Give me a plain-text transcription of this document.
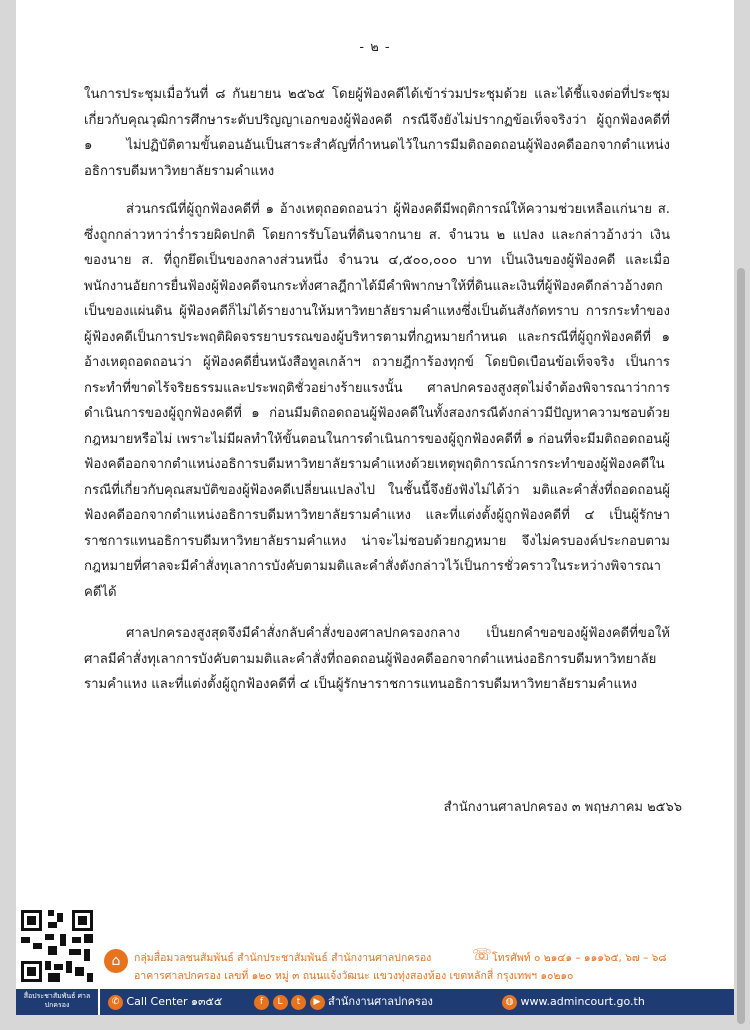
- ๒ -

ในการประชุมเมื่อวันที่ ๘ กันยายน ๒๕๖๕ โดยผู้ฟ้องคดีได้เข้าร่วมประชุมด้วย และได้ชี้แจงต่อที่ประชุมเกี่ยวกับคุณวุฒิการศึกษาระดับปริญญาเอกของผู้ฟ้องคดี กรณีจึงยังไม่ปรากฏข้อเท็จจริงว่า ผู้ถูกฟ้องคดีที่ ๑ ไม่ปฏิบัติตามขั้นตอนอันเป็นสาระสำคัญที่กำหนดไว้ในการมีมติถอดถอนผู้ฟ้องคดีออกจากตำแหน่งอธิการบดีมหาวิทยาลัยรามคำแหง

ส่วนกรณีที่ผู้ถูกฟ้องคดีที่ ๑ อ้างเหตุถอดถอนว่า ผู้ฟ้องคดีมีพฤติการณ์ให้ความช่วยเหลือแก่นาย ส. ซึ่งถูกกล่าวหาว่าร่ำรวยผิดปกติ โดยการรับโอนที่ดินจากนาย ส. จำนวน ๒ แปลง และกล่าวอ้างว่า เงินของนาย ส. ที่ถูกยึดเป็นของกลางส่วนหนึ่ง จำนวน ๔,๕๐๐,๐๐๐ บาท เป็นเงินของผู้ฟ้องคดี และเมื่อพนักงานอัยการยื่นฟ้องผู้ฟ้องคดีจนกระทั่งศาลฎีกาได้มีคำพิพากษาให้ที่ดินและเงินที่ผู้ฟ้องคดีกล่าวอ้างตกเป็นของแผ่นดิน ผู้ฟ้องคดีก็ไม่ได้รายงานให้มหาวิทยาลัยรามคำแหงซึ่งเป็นต้นสังกัดทราบ การกระทำของผู้ฟ้องคดีเป็นการประพฤติผิดจรรยาบรรณของผู้บริหารตามที่กฎหมายกำหนด และกรณีที่ผู้ถูกฟ้องคดีที่ ๑ อ้างเหตุถอดถอนว่า ผู้ฟ้องคดียื่นหนังสือทูลเกล้าฯ ถวายฎีการ้องทุกข์ โดยบิดเบือนข้อเท็จจริง เป็นการกระทำที่ขาดไร้จริยธรรมและประพฤติชั่วอย่างร้ายแรงนั้น ศาลปกครองสูงสุดไม่จำต้องพิจารณาว่าการดำเนินการของผู้ถูกฟ้องคดีที่ ๑ ก่อนมีมติถอดถอนผู้ฟ้องคดีในทั้งสองกรณีดังกล่าวมีปัญหาความชอบด้วยกฎหมายหรือไม่ เพราะไม่มีผลทำให้ขั้นตอนในการดำเนินการของผู้ถูกฟ้องคดีที่ ๑ ก่อนที่จะมีมติถอดถอนผู้ฟ้องคดีออกจากตำแหน่งอธิการบดีมหาวิทยาลัยรามคำแหงด้วยเหตุพฤติการณ์การกระทำของผู้ฟ้องคดีในกรณีที่เกี่ยวกับคุณสมบัติของผู้ฟ้องคดีเปลี่ยนแปลงไป ในชั้นนี้จึงยังฟังไม่ได้ว่า มติและคำสั่งที่ถอดถอนผู้ฟ้องคดีออกจากตำแหน่งอธิการบดีมหาวิทยาลัยรามคำแหง และที่แต่งตั้งผู้ถูกฟ้องคดีที่ ๔ เป็นผู้รักษาราชการแทนอธิการบดีมหาวิทยาลัยรามคำแหง น่าจะไม่ชอบด้วยกฎหมาย จึงไม่ครบองค์ประกอบตามกฎหมายที่ศาลจะมีคำสั่งทุเลาการบังคับตามมติและคำสั่งดังกล่าวไว้เป็นการชั่วคราวในระหว่างพิจารณาคดีได้

ศาลปกครองสูงสุดจึงมีคำสั่งกลับคำสั่งของศาลปกครองกลาง เป็นยกคำขอของผู้ฟ้องคดีที่ขอให้ศาลมีคำสั่งทุเลาการบังคับตามมติและคำสั่งที่ถอดถอนผู้ฟ้องคดีออกจากตำแหน่งอธิการบดีมหาวิทยาลัยรามคำแหง และที่แต่งตั้งผู้ถูกฟ้องคดีที่ ๔ เป็นผู้รักษาราชการแทนอธิการบดีมหาวิทยาลัยรามคำแหง

สำนักงานศาลปกครอง ๓ พฤษภาคม ๒๕๖๖
สื่อประชาสัมพันธ์ ศาลปกครอง
⌂	กลุ่มสื่อมวลชนสัมพันธ์ สำนักประชาสัมพันธ์ สำนักงานศาลปกครอง	☏ โทรศัพท์ ๐ ๒๑๔๑ – ๑๑๑๖๕, ๖๗ – ๖๘
อาคารศาลปกครอง เลขที่ ๑๒๐ หมู่ ๓ ถนนแจ้งวัฒนะ แขวงทุ่งสองห้อง เขตหลักสี่ กรุงเทพฯ ๑๐๒๑๐
✆ Call Center ๑๓๕๕	f L t ▶ สำนักงานศาลปกครอง	◍ www.admincourt.go.th
